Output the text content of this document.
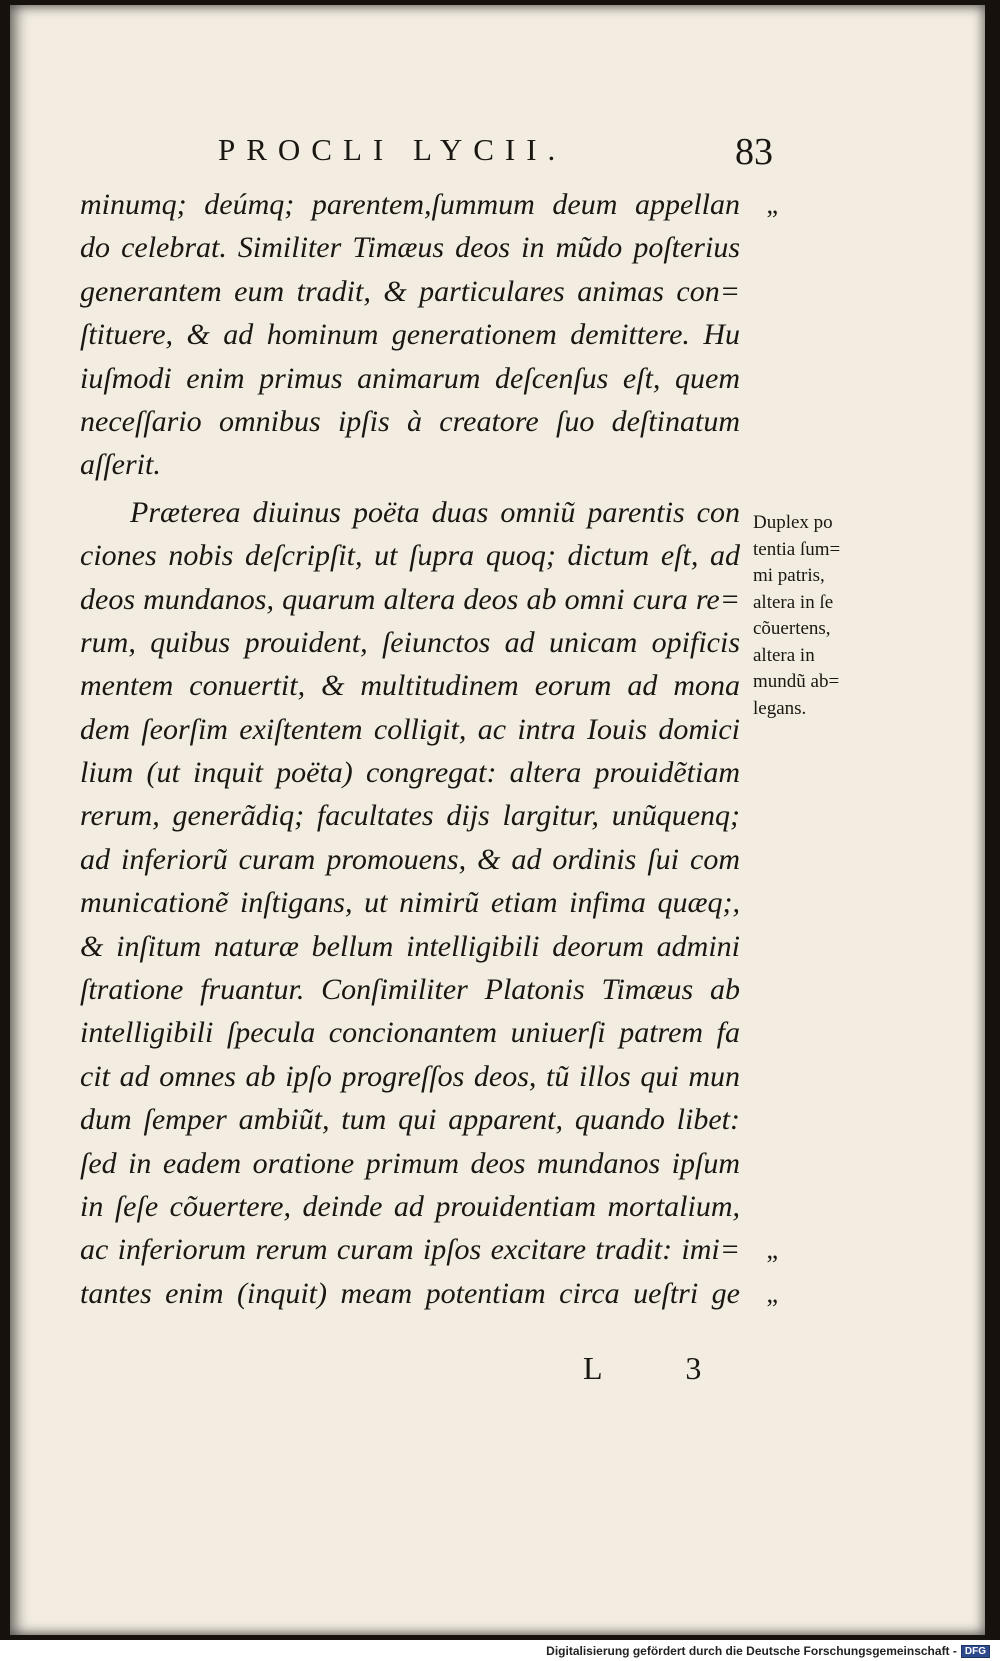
PROCLI LYCII.	83
minumq; deúmq; parentem,ſummum deum appellan „
do celebrat. Similiter Timæus deos in mũdo poſterius
generantem eum tradit, & particulares animas con=
ſtituere, & ad hominum generationem demittere. Hu
iuſmodi enim primus animarum deſcenſus eſt, quem
neceſſario omnibus ipſis à creatore ſuo deſtinatum
aſſerit.
Præterea diuinus poëta duas omniũ parentis con
ciones nobis deſcripſit, ut ſupra quoq; dictum eſt, ad
deos mundanos, quarum altera deos ab omni cura re=
rum, quibus prouident, ſeiunctos ad unicam opificis
mentem conuertit, & multitudinem eorum ad mona
dem ſeorſim exiſtentem colligit, ac intra Iouis domici
lium (ut inquit poëta) congregat: altera prouidẽtiam
rerum, generãdiq; facultates dijs largitur, unũquenq;
ad inferiorũ curam promouens, & ad ordinis ſui com
municationẽ inſtigans, ut nimirũ etiam infima quæq;,
& inſitum naturæ bellum intelligibili deorum admini
ſtratione fruantur. Conſimiliter Platonis Timæus ab
intelligibili ſpecula concionantem uniuerſi patrem fa
cit ad omnes ab ipſo progreſſos deos, tũ illos qui mun
dum ſemper ambiũt, tum qui apparent, quando libet:
ſed in eadem oratione primum deos mundanos ipſum
in ſeſe cõuertere, deinde ad prouidentiam mortalium,
ac inferiorum rerum curam ipſos excitare tradit: imi= „
tantes enim (inquit) meam potentiam circa ueſtri ge „
Duplex po
tentia ſum=
mi patris,
altera in ſe
cõuertens,
altera in
mundũ ab=
legans.
L 3
Digitalisierung gefördert durch die Deutsche Forschungsgemeinschaft - DFG
